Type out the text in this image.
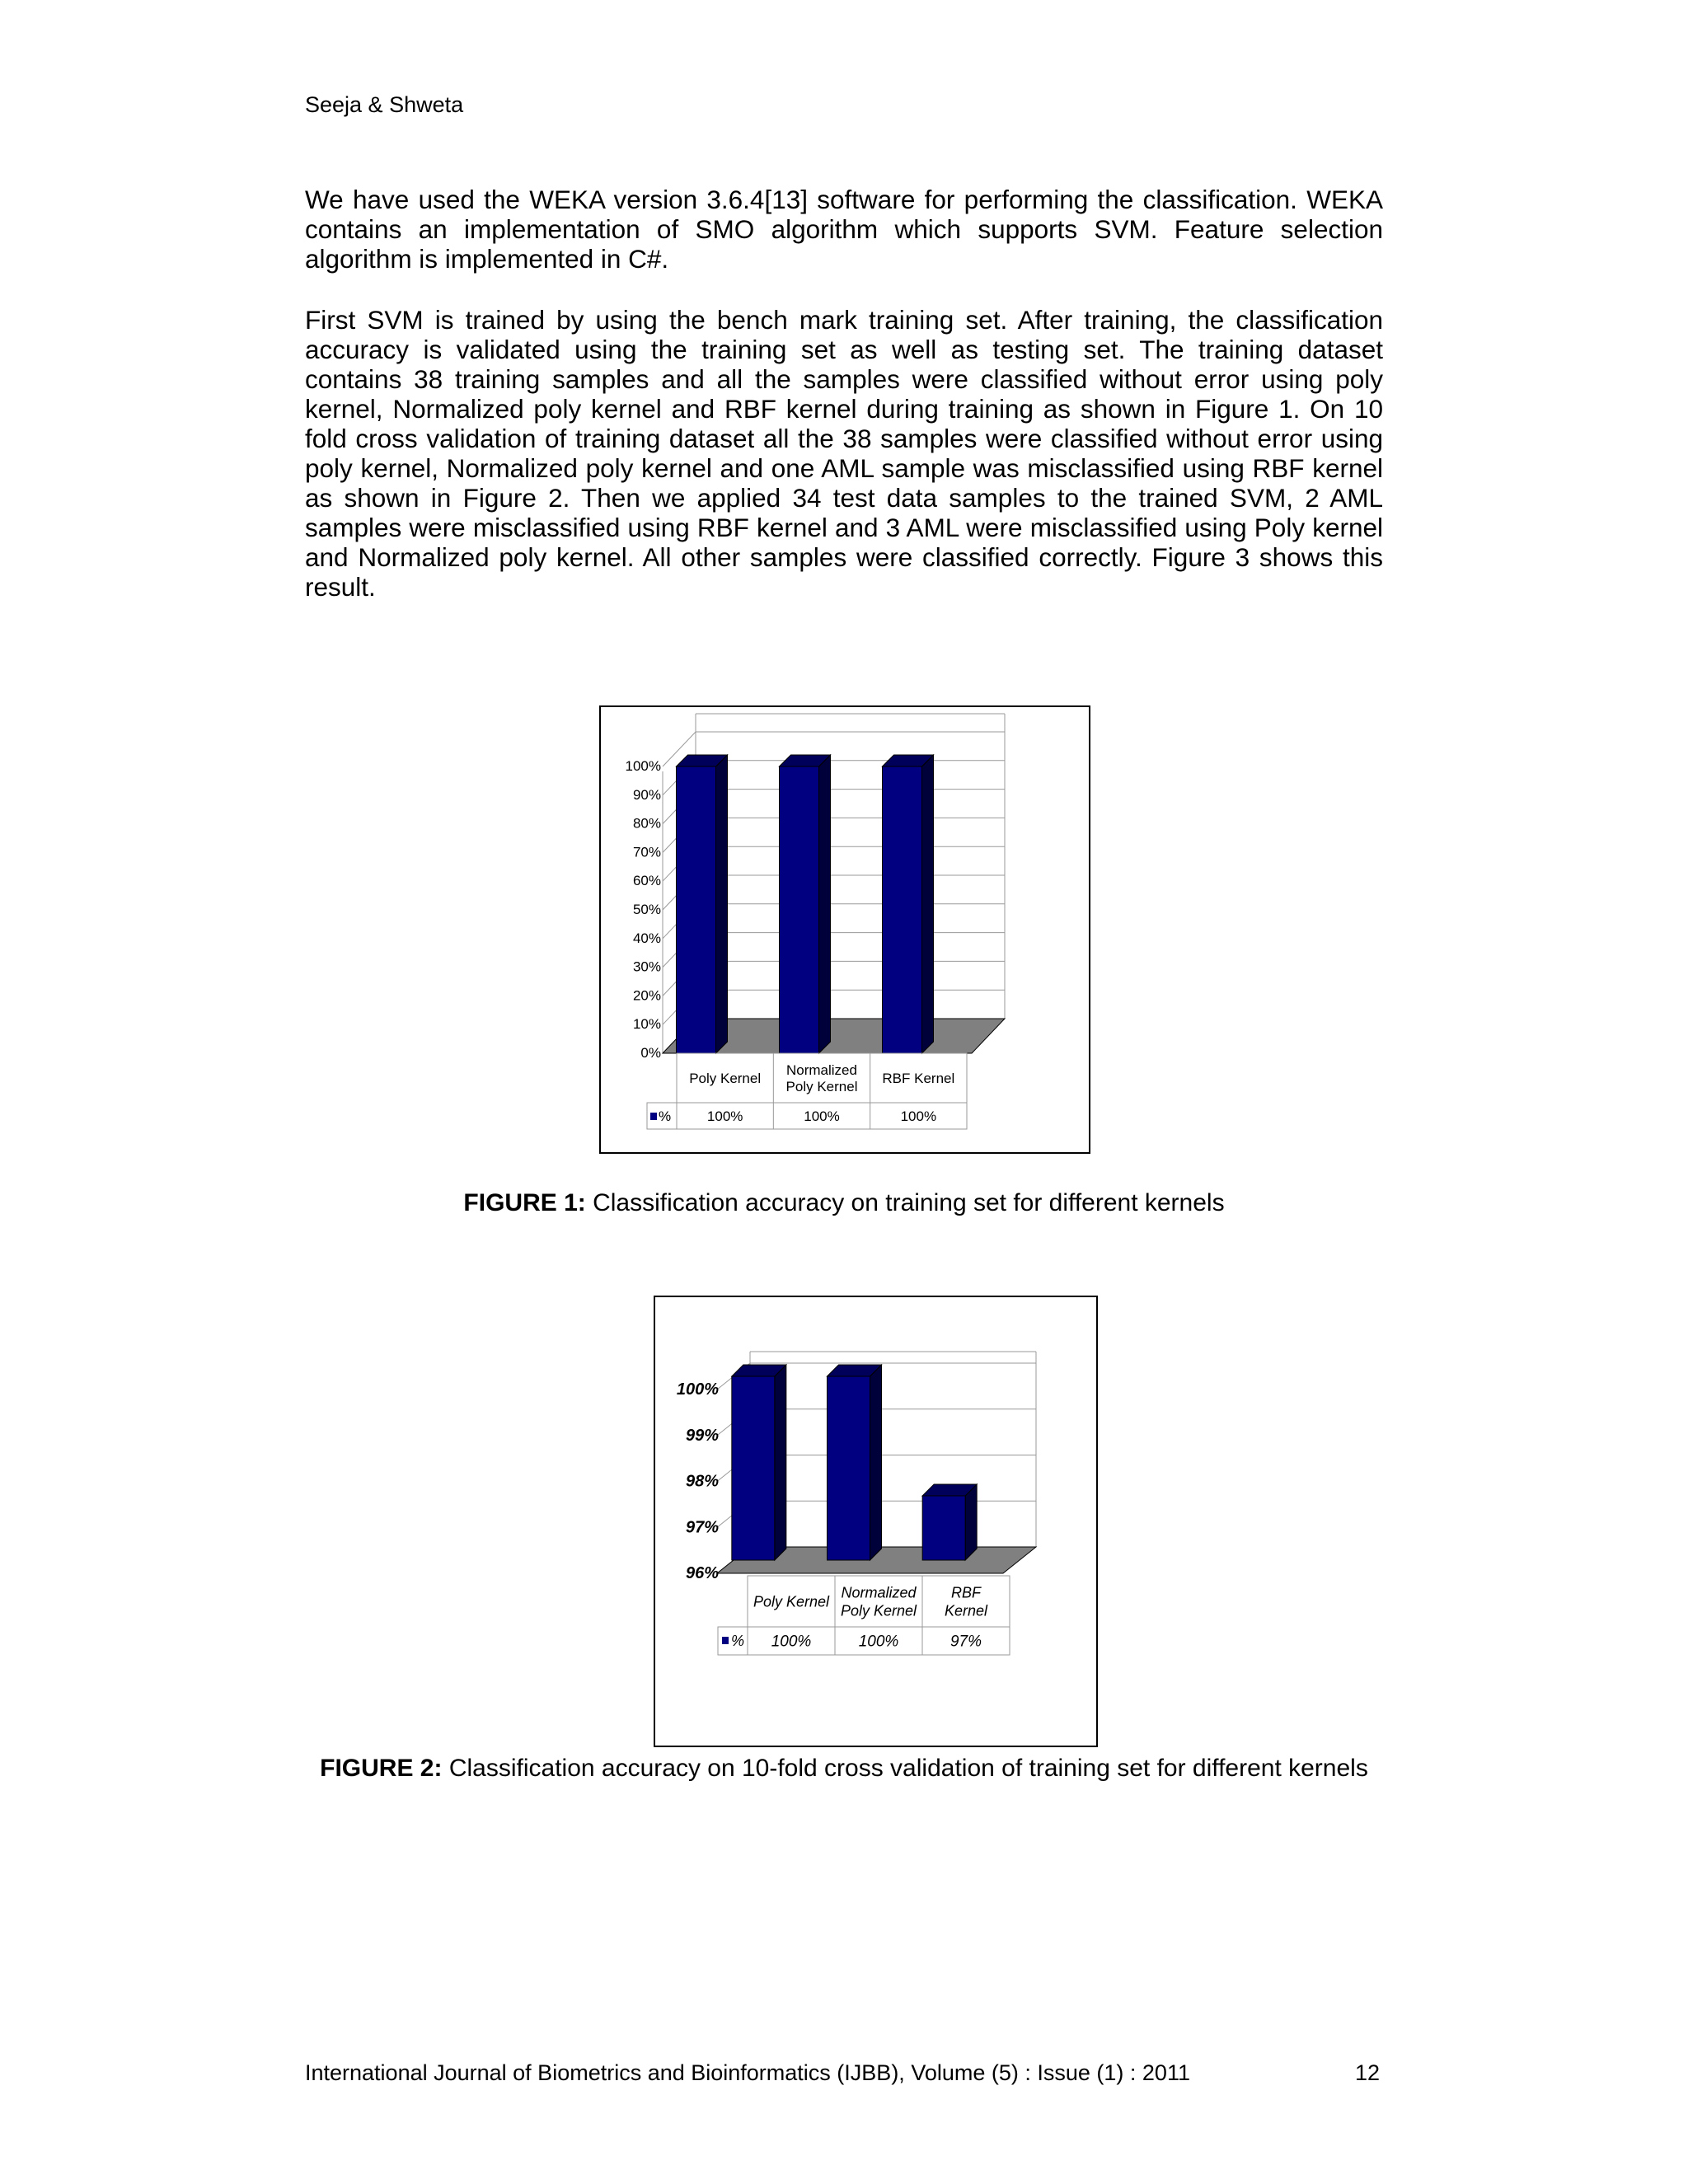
Seeja & Shweta

We have used the WEKA version 3.6.4[13] software for performing the classification. WEKA contains an implementation of SMO algorithm which supports SVM. Feature selection algorithm is implemented in C#.

First SVM is trained by using the bench mark training set. After training, the classification accuracy is validated using the training set as well as testing set. The training dataset contains 38 training samples and all the samples were classified without error using poly kernel, Normalized poly kernel and RBF kernel during training as shown in Figure 1. On 10 fold cross validation of training dataset all the 38 samples were classified without error using poly kernel, Normalized poly kernel and one AML sample was misclassified using RBF kernel as shown in Figure 2. Then we applied 34 test data samples to the trained SVM, 2 AML samples were misclassified using RBF kernel and 3 AML were misclassified using Poly kernel and Normalized poly kernel. All other samples were classified correctly. Figure 3 shows this result.

0%
10%
20%
30%
40%
50%
60%
70%
80%
90%
100%
%
Poly Kernel
100%
Normalized
Poly Kernel
100%
RBF Kernel
100%
FIGURE 1: Classification accuracy on training set for different kernels
96%
97%
98%
99%
100%
%
Poly Kernel
100%
Normalized
Poly Kernel
100%
RBF
Kernel
97%
FIGURE 2: Classification accuracy on 10-fold cross validation of training set for different kernels
International Journal of Biometrics and Bioinformatics (IJBB), Volume (5) : Issue (1) : 2011	12
